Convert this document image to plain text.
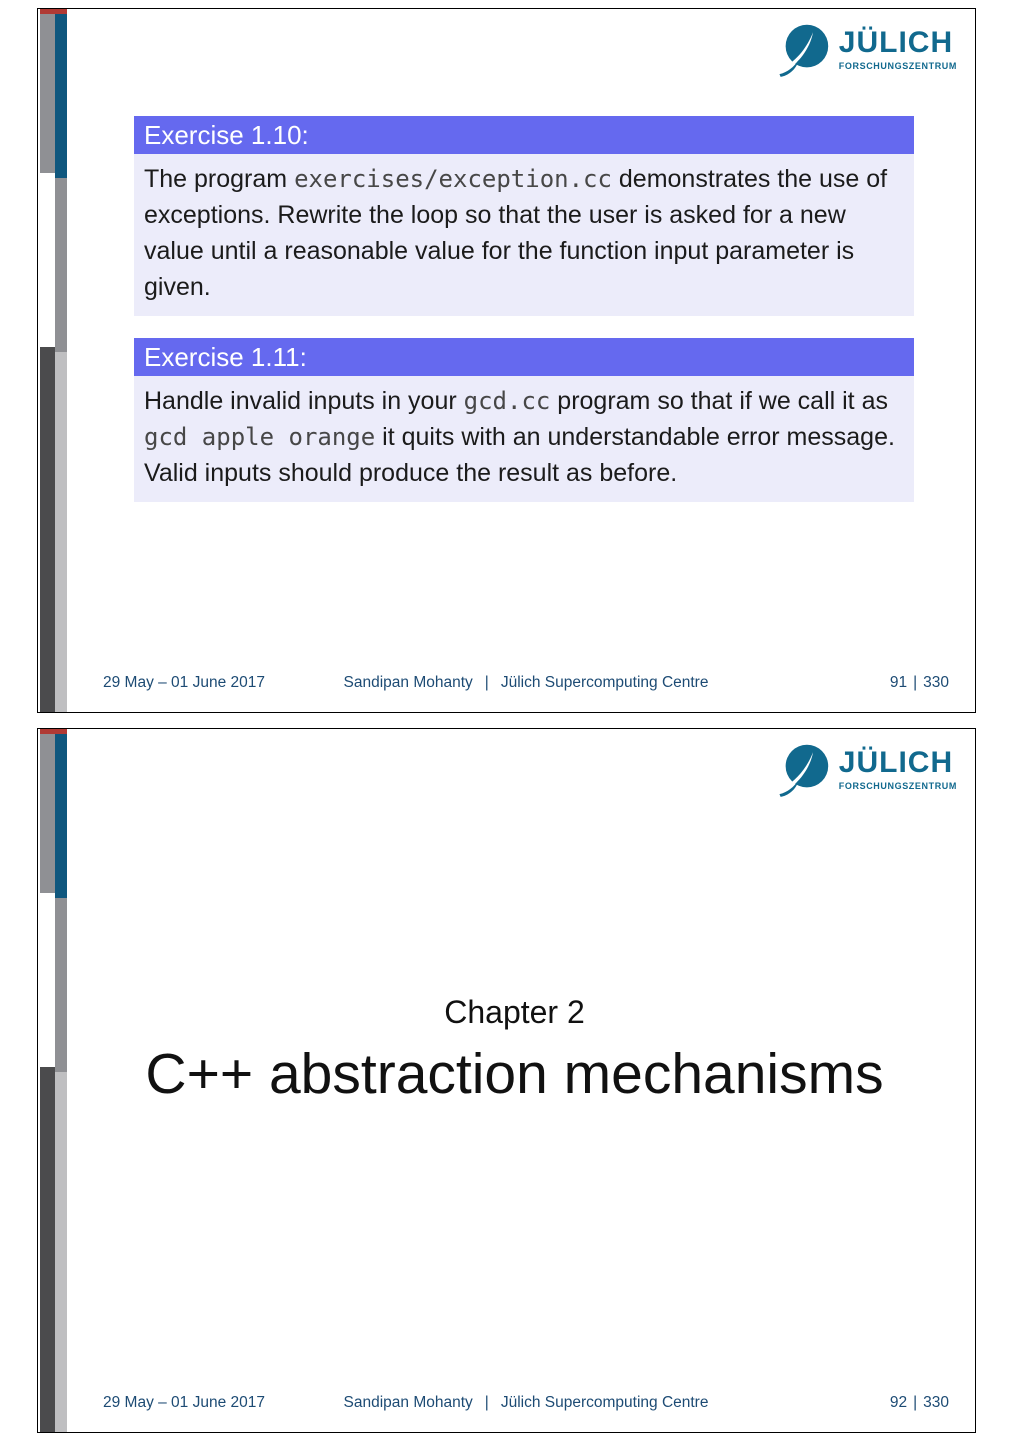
JÜLICH
FORSCHUNGSZENTRUM
Exercise 1.10:
The program exercises/exception.cc demonstrates the use of exceptions. Rewrite the loop so that the user is asked for a new value until a reasonable value for the function input parameter is given.
Exercise 1.11:
Handle invalid inputs in your gcd.cc program so that if we call it as gcd apple orange it quits with an understandable error message. Valid inputs should produce the result as before.
29 May – 01 June 2017	Sandipan Mohanty | Jülich Supercomputing Centre	91 | 330
JÜLICH
FORSCHUNGSZENTRUM
Chapter 2
C++ abstraction mechanisms
29 May – 01 June 2017	Sandipan Mohanty | Jülich Supercomputing Centre	92 | 330
